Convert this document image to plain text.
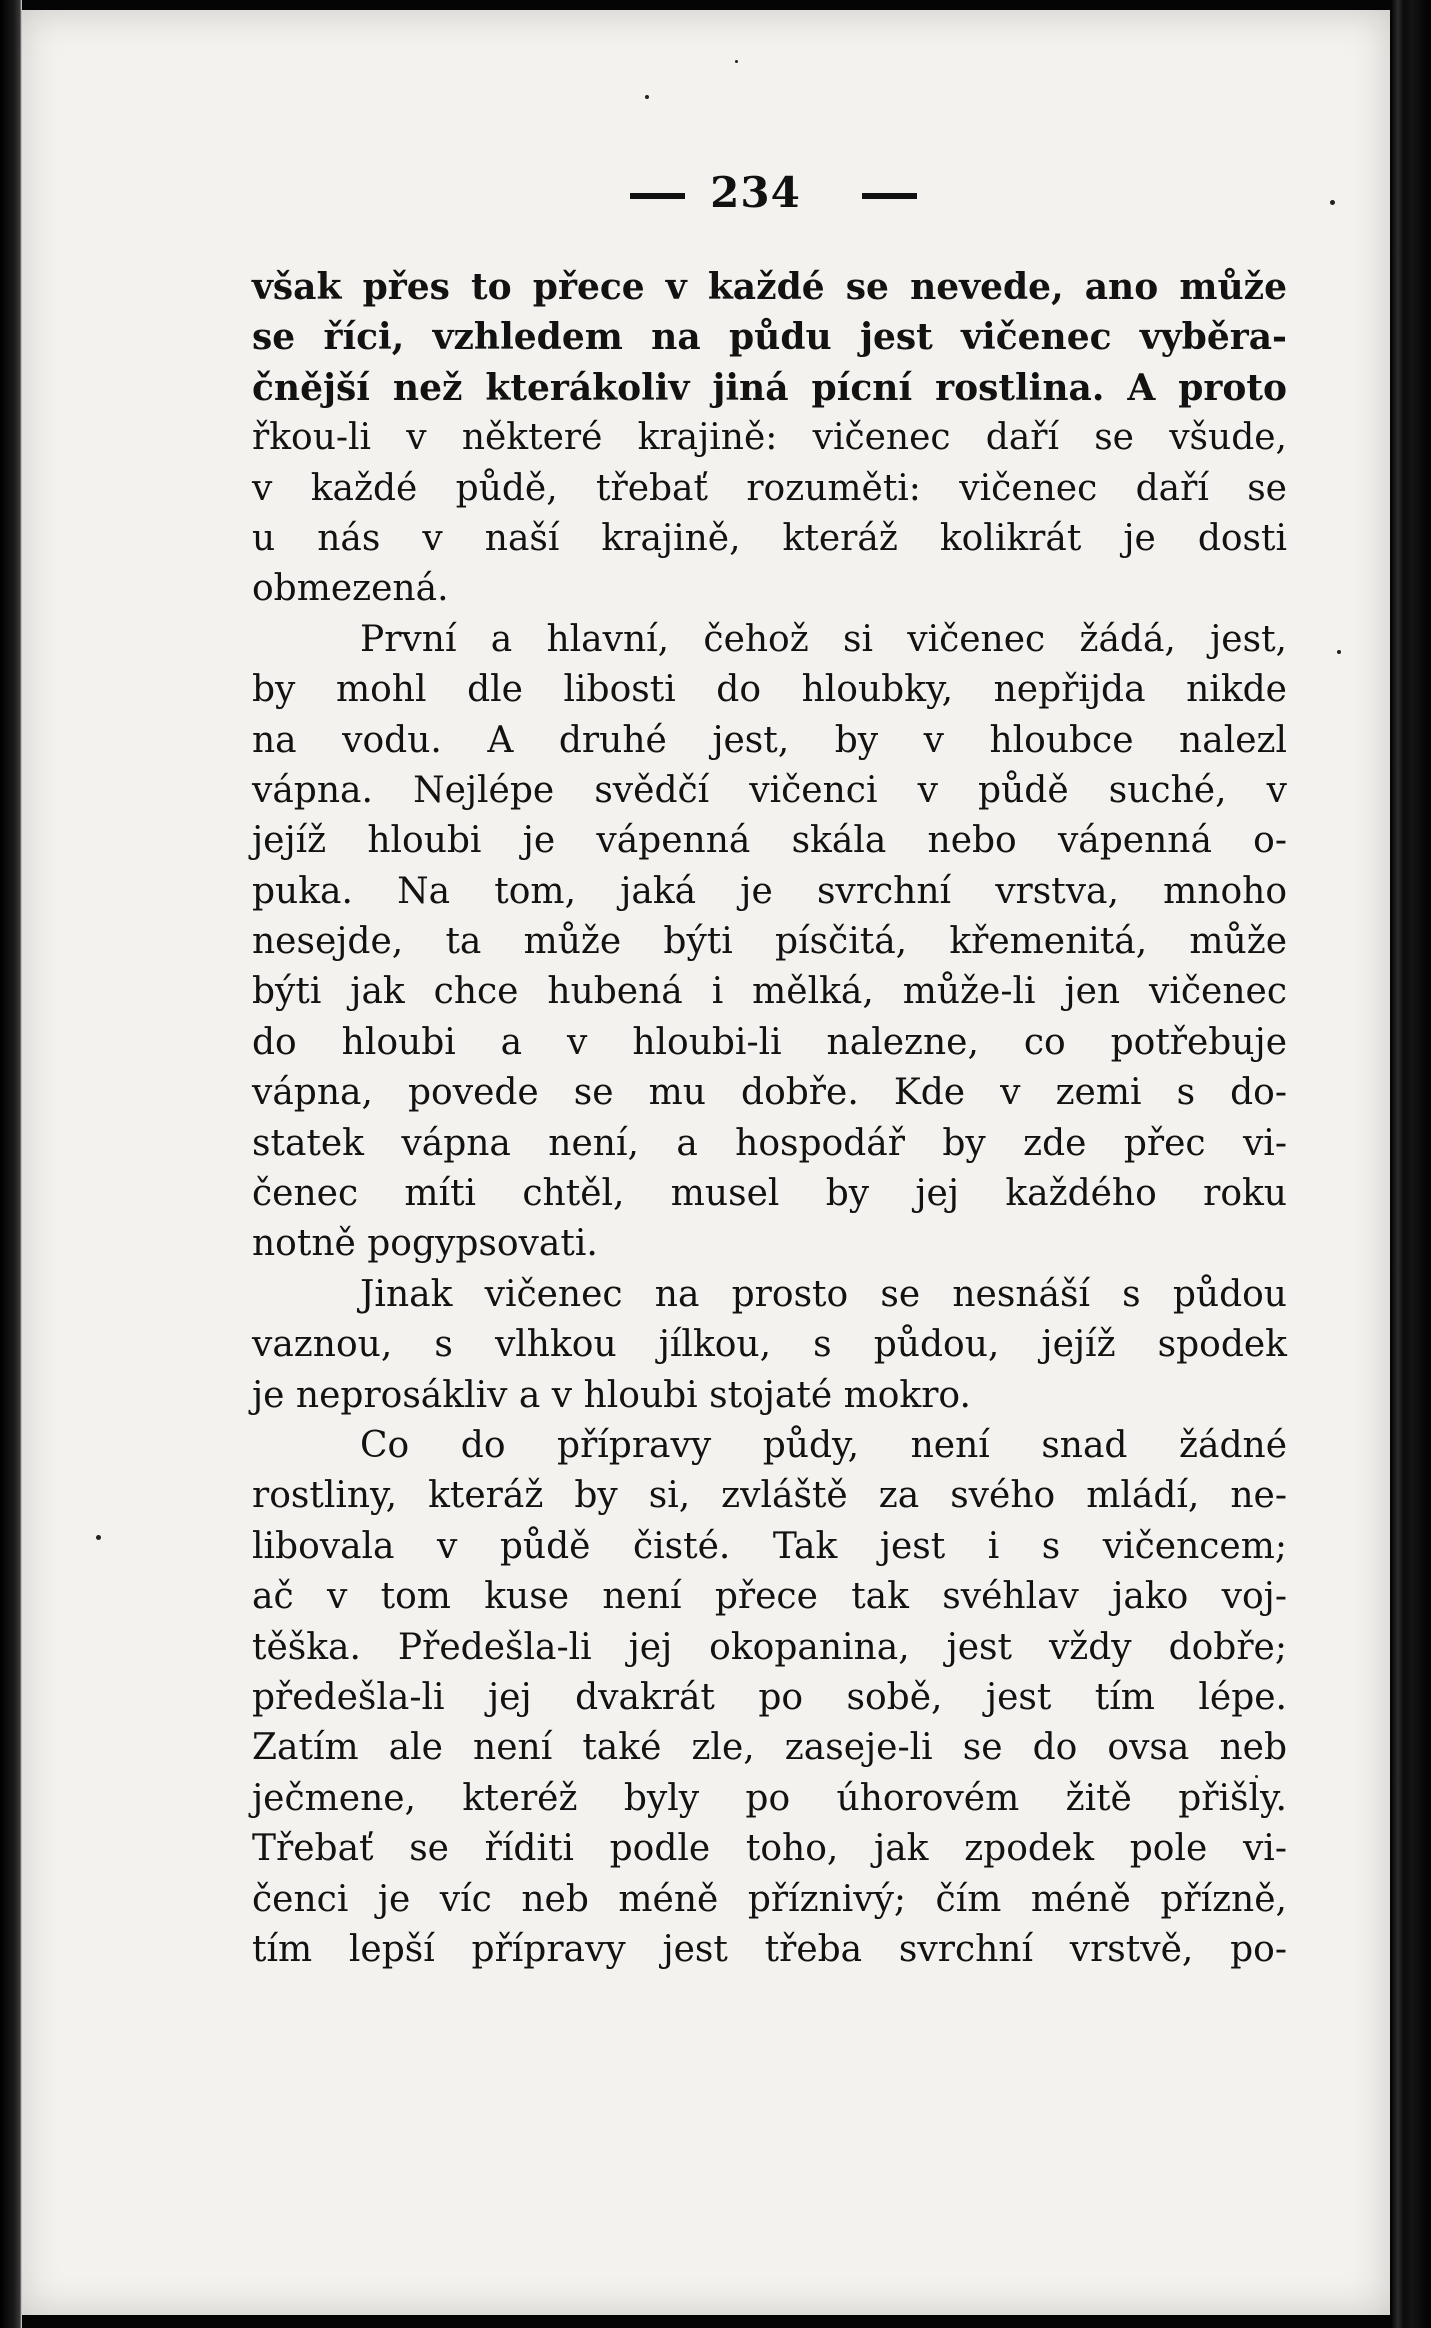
234
však přes to přece v každé se nevede, ano může
se říci, vzhledem na půdu jest vičenec vyběra-
čnější než kterákoliv jiná pícní rostlina. A proto
řkou-li v některé krajině: vičenec daří se všude,
v každé půdě, třebať rozuměti: vičenec daří se
u nás v naší krajině, kteráž kolikrát je dosti
obmezená.
První a hlavní, čehož si vičenec žádá, jest,
by mohl dle libosti do hloubky, nepřijda nikde
na vodu. A druhé jest, by v hloubce nalezl
vápna. Nejlépe svědčí vičenci v půdě suché, v
jejíž hloubi je vápenná skála nebo vápenná o-
puka. Na tom, jaká je svrchní vrstva, mnoho
nesejde, ta může býti písčitá, křemenitá, může
býti jak chce hubená i mělká, může-li jen vičenec
do hloubi a v hloubi-li nalezne, co potřebuje
vápna, povede se mu dobře. Kde v zemi s do-
statek vápna není, a hospodář by zde přec vi-
čenec míti chtěl, musel by jej každého roku
notně pogypsovati.
Jinak vičenec na prosto se nesnáší s půdou
vaznou, s vlhkou jílkou, s půdou, jejíž spodek
je neprosákliv a v hloubi stojaté mokro.
Co do přípravy půdy, není snad žádné
rostliny, kteráž by si, zvláště za svého mládí, ne-
libovala v půdě čisté. Tak jest i s vičencem;
ač v tom kuse není přece tak svéhlav jako voj-
těška. Předešla-li jej okopanina, jest vždy dobře;
předešla-li jej dvakrát po sobě, jest tím lépe.
Zatím ale není také zle, zaseje-li se do ovsa neb
ječmene, kteréž byly po úhorovém žitě přišly.
Třebať se říditi podle toho, jak zpodek pole vi-
čenci je víc neb méně příznivý; čím méně přízně,
tím lepší přípravy jest třeba svrchní vrstvě, po-
